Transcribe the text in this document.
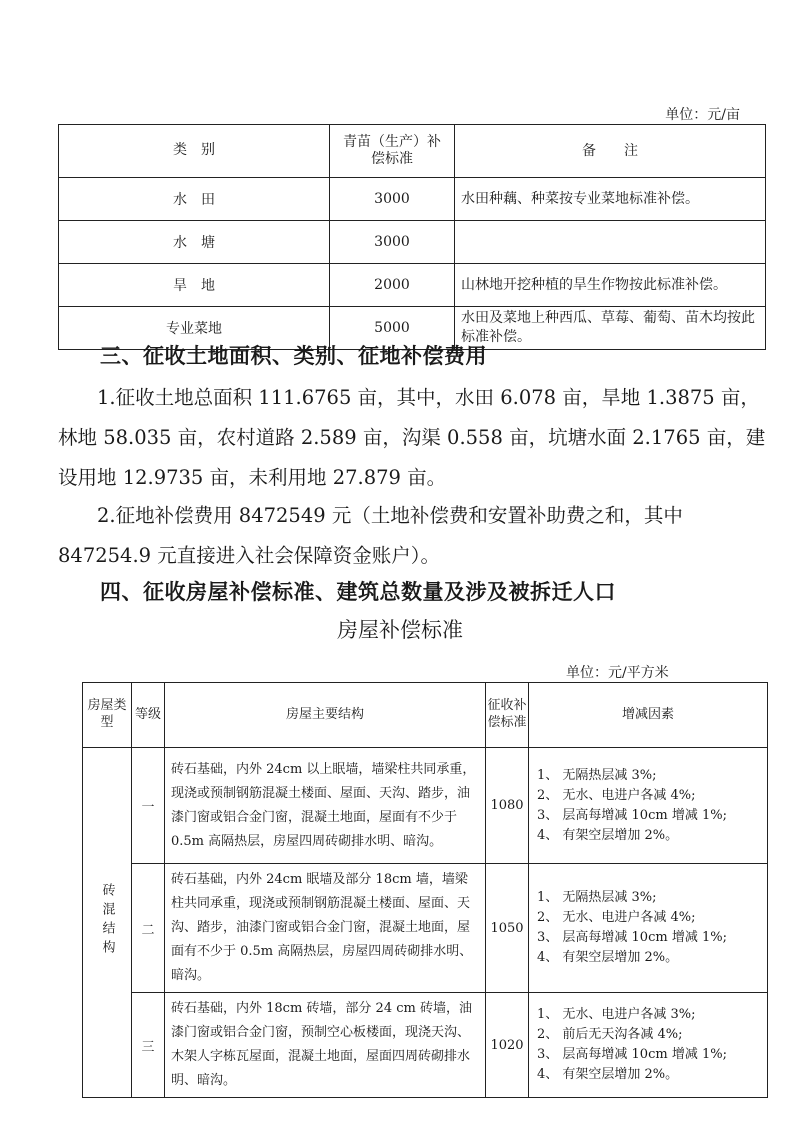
单位：元/亩
类　别	青苗（生产）补偿标准	备　　注
水　田	3000	水田种藕、种菜按专业菜地标准补偿。
水　塘	3000	
旱　地	2000	山林地开挖种植的旱生作物按此标准补偿。
专业菜地	5000	水田及菜地上种西瓜、草莓、葡萄、苗木均按此标准补偿。
三、征收土地面积、类别、征地补偿费用
1.征收土地总面积 111.6765 亩，其中，水田 6.078 亩，旱地 1.3875 亩，林地 58.035 亩，农村道路 2.589 亩，沟渠 0.558 亩，坑塘水面 2.1765 亩，建设用地 12.9735 亩，未利用地 27.879 亩。
2.征地补偿费用 8472549 元（土地补偿费和安置补助费之和，其中 847254.9 元直接进入社会保障资金账户）。
四、征收房屋补偿标准、建筑总数量及涉及被拆迁人口
房屋补偿标准
单位：元/平方米
房屋类型	等级	房屋主要结构	征收补偿标准	增减因素
砖混结构	一	砖石基础，内外 24cm 以上眠墙，墙梁柱共同承重，现浇或预制钢筋混凝土楼面、屋面、天沟、踏步，油漆门窗或铝合金门窗，混凝土地面，屋面有不少于 0.5m 高隔热层，房屋四周砖砌排水明、暗沟。	1080	1、 无隔热层减 3%;
2、 无水、电进户各减 4%;
3、 层高每增减 10cm 增减 1%;
4、 有架空层增加 2%。

	二	砖石基础，内外 24cm 眠墙及部分 18cm 墙，墙梁柱共同承重，现浇或预制钢筋混凝土楼面、屋面、天沟、踏步，油漆门窗或铝合金门窗，混凝土地面，屋面有不少于 0.5m 高隔热层，房屋四周砖砌排水明、暗沟。	1050	1、 无隔热层减 3%;
2、 无水、电进户各减 4%;
3、 层高每增减 10cm 增减 1%;
4、 有架空层增加 2%。

	三	砖石基础，内外 18cm 砖墙，部分 24 cm 砖墙，油漆门窗或铝合金门窗，预制空心板楼面，现浇天沟、木架人字栋瓦屋面，混凝土地面，屋面四周砖砌排水明、暗沟。	1020	1、 无水、电进户各减 3%;
2、 前后无天沟各减 4%;
3、 层高每增减 10cm 增减 1%;
4、 有架空层增加 2%。
